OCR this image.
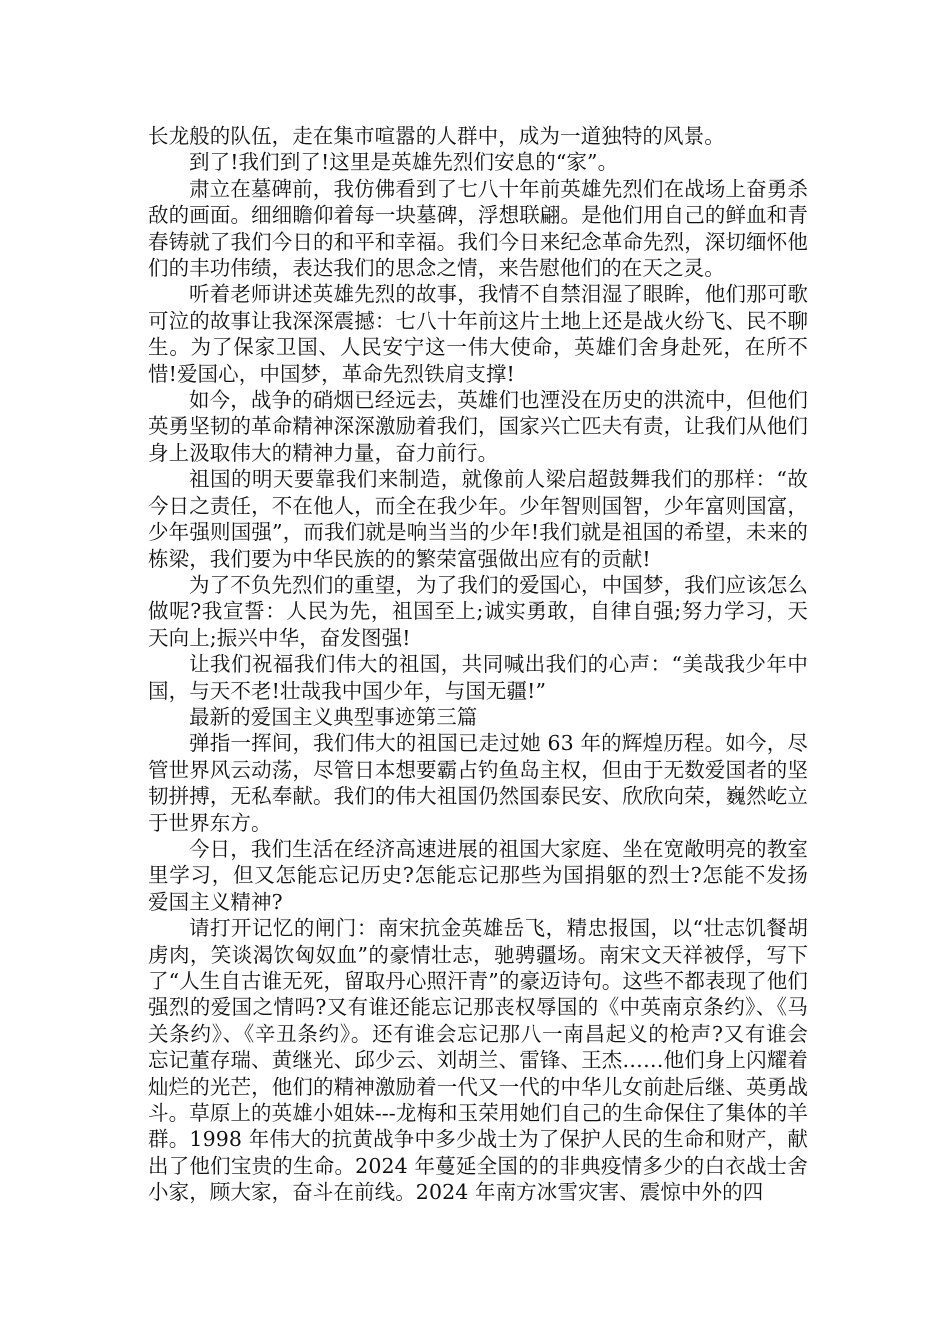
长龙般的队伍，走在集市喧嚣的人群中，成为一道独特的风景。

到了!我们到了!这里是英雄先烈们安息的“家”。

肃立在墓碑前，我仿佛看到了七八十年前英雄先烈们在战场上奋勇杀敌的画面。细细瞻仰着每一块墓碑，浮想联翩。是他们用自己的鲜血和青春铸就了我们今日的和平和幸福。我们今日来纪念革命先烈，深切缅怀他们的丰功伟绩，表达我们的思念之情，来告慰他们的在天之灵。

听着老师讲述英雄先烈的故事，我情不自禁泪湿了眼眸，他们那可歌可泣的故事让我深深震撼：七八十年前这片土地上还是战火纷飞、民不聊生。为了保家卫国、人民安宁这一伟大使命，英雄们舍身赴死，在所不惜!爱国心，中国梦，革命先烈铁肩支撑!

如今，战争的硝烟已经远去，英雄们也湮没在历史的洪流中，但他们英勇坚韧的革命精神深深激励着我们，国家兴亡匹夫有责，让我们从他们身上汲取伟大的精神力量，奋力前行。

祖国的明天要靠我们来制造，就像前人梁启超鼓舞我们的那样：“故今日之责任，不在他人，而全在我少年。少年智则国智，少年富则国富，少年强则国强”，而我们就是响当当的少年!我们就是祖国的希望，未来的栋梁，我们要为中华民族的的繁荣富强做出应有的贡献!

为了不负先烈们的重望，为了我们的爱国心，中国梦，我们应该怎么做呢?我宣誓：人民为先，祖国至上;诚实勇敢，自律自强;努力学习，天天向上;振兴中华，奋发图强!

让我们祝福我们伟大的祖国，共同喊出我们的心声：“美哉我少年中国，与天不老!壮哉我中国少年，与国无疆!”

最新的爱国主义典型事迹第三篇

弹指一挥间，我们伟大的祖国已走过她 63 年的辉煌历程。如今，尽管世界风云动荡，尽管日本想要霸占钓鱼岛主权，但由于无数爱国者的坚韧拼搏，无私奉献。我们的伟大祖国仍然国泰民安、欣欣向荣，巍然屹立于世界东方。

今日，我们生活在经济高速进展的祖国大家庭、坐在宽敞明亮的教室里学习，但又怎能忘记历史?怎能忘记那些为国捐躯的烈士?怎能不发扬爱国主义精神?

请打开记忆的闸门：南宋抗金英雄岳飞，精忠报国，以“壮志饥餐胡虏肉，笑谈渴饮匈奴血”的豪情壮志，驰骋疆场。南宋文天祥被俘，写下了“人生自古谁无死，留取丹心照汗青”的豪迈诗句。这些不都表现了他们强烈的爱国之情吗?又有谁还能忘记那丧权辱国的《中英南京条约》、《马关条约》、《辛丑条约》。还有谁会忘记那八一南昌起义的枪声?又有谁会忘记董存瑞、黄继光、邱少云、刘胡兰、雷锋、王杰……他们身上闪耀着灿烂的光芒，他们的精神激励着一代又一代的中华儿女前赴后继、英勇战斗。草原上的英雄小姐妹---龙梅和玉荣用她们自己的生命保住了集体的羊群。1998 年伟大的抗黄战争中多少战士为了保护人民的生命和财产，献出了他们宝贵的生命。2024 年蔓延全国的的非典疫情多少的白衣战士舍小家，顾大家，奋斗在前线。2024 年南方冰雪灾害、震惊中外的四
